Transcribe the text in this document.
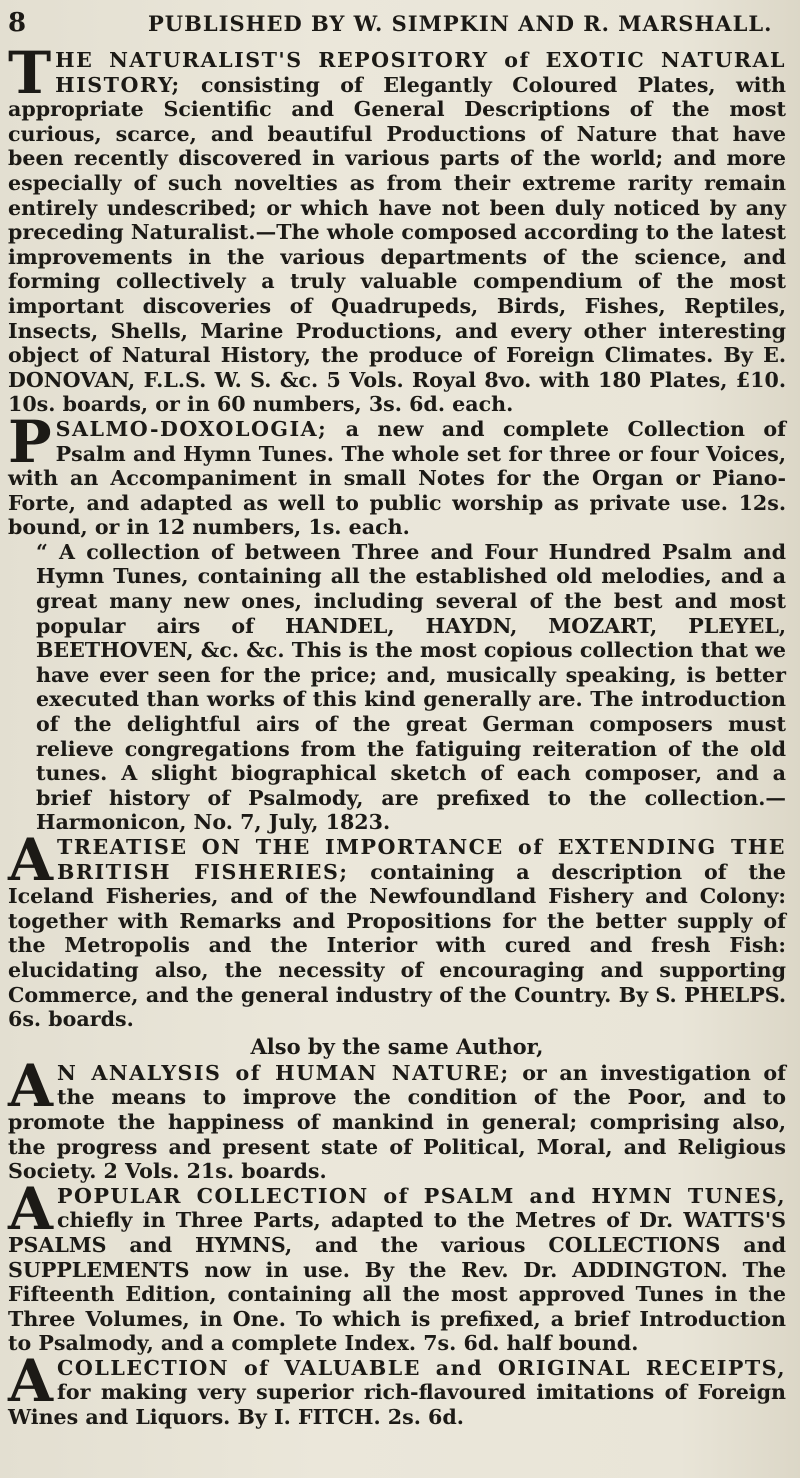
8	PUBLISHED BY W. SIMPKIN AND R. MARSHALL.

T HE NATURALIST'S REPOSITORY of EXOTIC NATURAL HISTORY; consisting of Elegantly Coloured Plates, with appropriate Scientific and General Descriptions of the most curious, scarce, and beautiful Productions of Nature that have been recently discovered in various parts of the world; and more especially of such novelties as from their extreme rarity remain entirely undescribed; or which have not been duly noticed by any preceding Naturalist.—The whole composed according to the latest improvements in the various departments of the science, and forming collectively a truly valuable compendium of the most important discoveries of Quadrupeds, Birds, Fishes, Reptiles, Insects, Shells, Marine Productions, and every other interesting object of Natural History, the produce of Foreign Climates. By E. DONOVAN, F.L.S. W. S. &c. 5 Vols. Royal 8vo. with 180 Plates, £10. 10s. boards, or in 60 numbers, 3s. 6d. each.

P SALMO-DOXOLOGIA; a new and complete Collection of Psalm and Hymn Tunes. The whole set for three or four Voices, with an Accompaniment in small Notes for the Organ or Piano-Forte, and adapted as well to public worship as private use. 12s. bound, or in 12 numbers, 1s. each.

“ A collection of between Three and Four Hundred Psalm and Hymn Tunes, containing all the established old melodies, and a great many new ones, including several of the best and most popular airs of HANDEL, HAYDN, MOZART, PLEYEL, BEETHOVEN, &c. &c. This is the most copious collection that we have ever seen for the price; and, musically speaking, is better executed than works of this kind generally are. The introduction of the delightful airs of the great German composers must relieve congregations from the fatiguing reiteration of the old tunes. A slight biographical sketch of each composer, and a brief history of Psalmody, are prefixed to the collection.—Harmonicon, No. 7, July, 1823.

A TREATISE ON THE IMPORTANCE of EXTENDING THE BRITISH FISHERIES; containing a description of the Iceland Fisheries, and of the Newfoundland Fishery and Colony: together with Remarks and Propositions for the better supply of the Metropolis and the Interior with cured and fresh Fish: elucidating also, the necessity of encouraging and supporting Commerce, and the general industry of the Country. By S. PHELPS. 6s. boards.

Also by the same Author,

A N ANALYSIS of HUMAN NATURE; or an investigation of the means to improve the condition of the Poor, and to promote the happiness of mankind in general; comprising also, the progress and present state of Political, Moral, and Religious Society. 2 Vols. 21s. boards.

A POPULAR COLLECTION of PSALM and HYMN TUNES, chiefly in Three Parts, adapted to the Metres of Dr. WATTS'S PSALMS and HYMNS, and the various COLLECTIONS and SUPPLEMENTS now in use. By the Rev. Dr. ADDINGTON. The Fifteenth Edition, containing all the most approved Tunes in the Three Volumes, in One. To which is prefixed, a brief Introduction to Psalmody, and a complete Index. 7s. 6d. half bound.

A COLLECTION of VALUABLE and ORIGINAL RECEIPTS, for making very superior rich-flavoured imitations of Foreign Wines and Liquors. By I. FITCH. 2s. 6d.
